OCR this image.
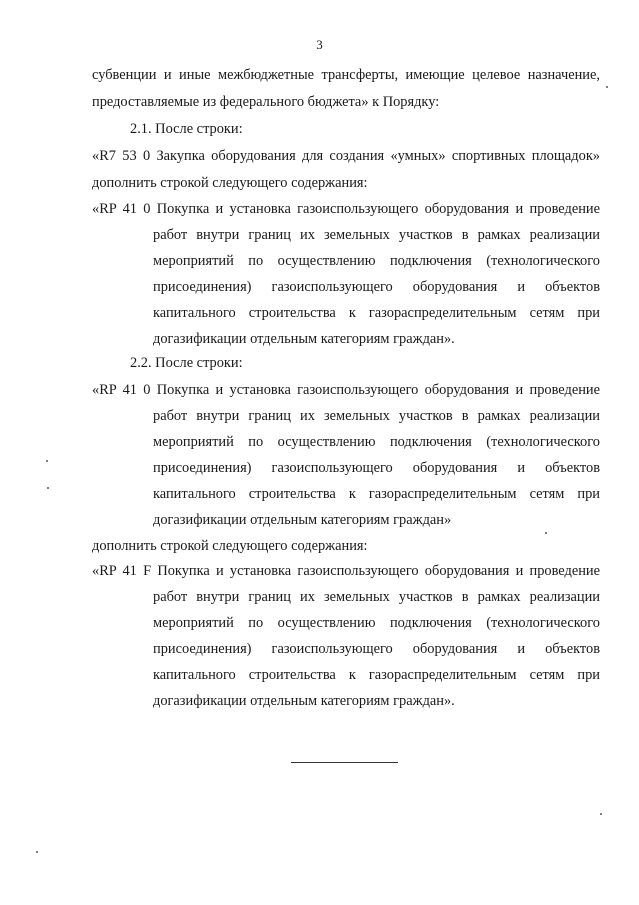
3
субвенции и иные межбюджетные трансферты, имеющие целевое назначение,
предоставляемые из федерального бюджета» к Порядку:
2.1. После строки:
«R7 53 0 Закупка оборудования для создания «умных» спортивных площадок»
дополнить строкой следующего содержания:
«RP 41 0 Покупка и установка газоиспользующего оборудования и проведение
работ внутри границ их земельных участков в рамках реализации
мероприятий по осуществлению подключения (технологического
присоединения) газоиспользующего оборудования и объектов
капитального строительства к газораспределительным сетям при
догазификации отдельным категориям граждан».
2.2. После строки:
«RP 41 0 Покупка и установка газоиспользующего оборудования и проведение
работ внутри границ их земельных участков в рамках реализации
мероприятий по осуществлению подключения (технологического
присоединения) газоиспользующего оборудования и объектов
капитального строительства к газораспределительным сетям при
догазификации отдельным категориям граждан»
дополнить строкой следующего содержания:
«RP 41 F Покупка и установка газоиспользующего оборудования и проведение
работ внутри границ их земельных участков в рамках реализации
мероприятий по осуществлению подключения (технологического
присоединения) газоиспользующего оборудования и объектов
капитального строительства к газораспределительным сетям при
догазификации отдельным категориям граждан».
